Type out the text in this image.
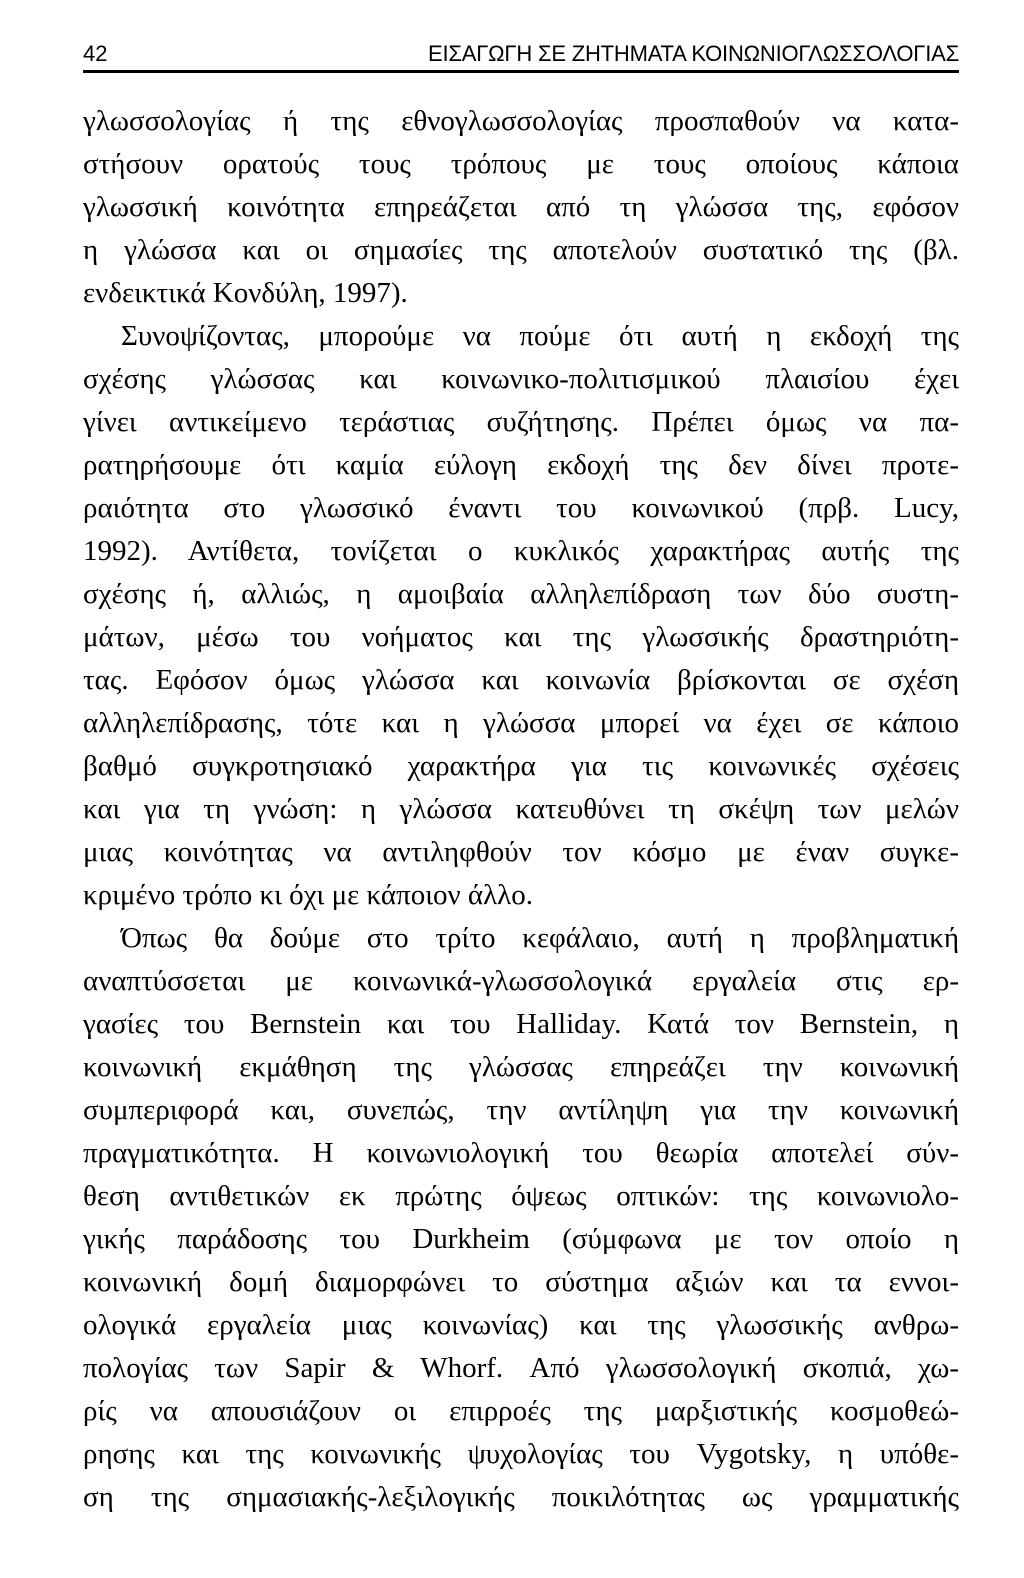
42	ΕΙΣΑΓΩΓΗ ΣΕ ΖΗΤΗΜΑΤΑ ΚΟΙΝΩΝΙΟΓΛΩΣΣΟΛΟΓΙΑΣ
γλωσσολογίας ή της εθνογλωσσολογίας προσπαθούν να κατα-
στήσουν ορατούς τους τρόπους με τους οποίους κάποια
γλωσσική κοινότητα επηρεάζεται από τη γλώσσα της, εφόσον
η γλώσσα και οι σημασίες της αποτελούν συστατικό της (βλ.
ενδεικτικά Κονδύλη, 1997).
Συνοψίζοντας, μπορούμε να πούμε ότι αυτή η εκδοχή της
σχέσης γλώσσας και κοινωνικο-πολιτισμικού πλαισίου έχει
γίνει αντικείμενο τεράστιας συζήτησης. Πρέπει όμως να πα-
ρατηρήσουμε ότι καμία εύλογη εκδοχή της δεν δίνει προτε-
ραιότητα στο γλωσσικό έναντι του κοινωνικού (πρβ. Lucy,
1992). Αντίθετα, τονίζεται ο κυκλικός χαρακτήρας αυτής της
σχέσης ή, αλλιώς, η αμοιβαία αλληλεπίδραση των δύο συστη-
μάτων, μέσω του νοήματος και της γλωσσικής δραστηριότη-
τας. Εφόσον όμως γλώσσα και κοινωνία βρίσκονται σε σχέση
αλληλεπίδρασης, τότε και η γλώσσα μπορεί να έχει σε κάποιο
βαθμό συγκροτησιακό χαρακτήρα για τις κοινωνικές σχέσεις
και για τη γνώση: η γλώσσα κατευθύνει τη σκέψη των μελών
μιας κοινότητας να αντιληφθούν τον κόσμο με έναν συγκε-
κριμένο τρόπο κι όχι με κάποιον άλλο.
Όπως θα δούμε στο τρίτο κεφάλαιο, αυτή η προβληματική
αναπτύσσεται με κοινωνικά-γλωσσολογικά εργαλεία στις ερ-
γασίες του Bernstein και του Halliday. Κατά τον Bernstein, η
κοινωνική εκμάθηση της γλώσσας επηρεάζει την κοινωνική
συμπεριφορά και, συνεπώς, την αντίληψη για την κοινωνική
πραγματικότητα. Η κοινωνιολογική του θεωρία αποτελεί σύν-
θεση αντιθετικών εκ πρώτης όψεως οπτικών: της κοινωνιολο-
γικής παράδοσης του Durkheim (σύμφωνα με τον οποίο η
κοινωνική δομή διαμορφώνει το σύστημα αξιών και τα εννοι-
ολογικά εργαλεία μιας κοινωνίας) και της γλωσσικής ανθρω-
πολογίας των Sapir & Whorf. Από γλωσσολογική σκοπιά, χω-
ρίς να απουσιάζουν οι επιρροές της μαρξιστικής κοσμοθεώ-
ρησης και της κοινωνικής ψυχολογίας του Vygotsky, η υπόθε-
ση της σημασιακής-λεξιλογικής ποικιλότητας ως γραμματικής
